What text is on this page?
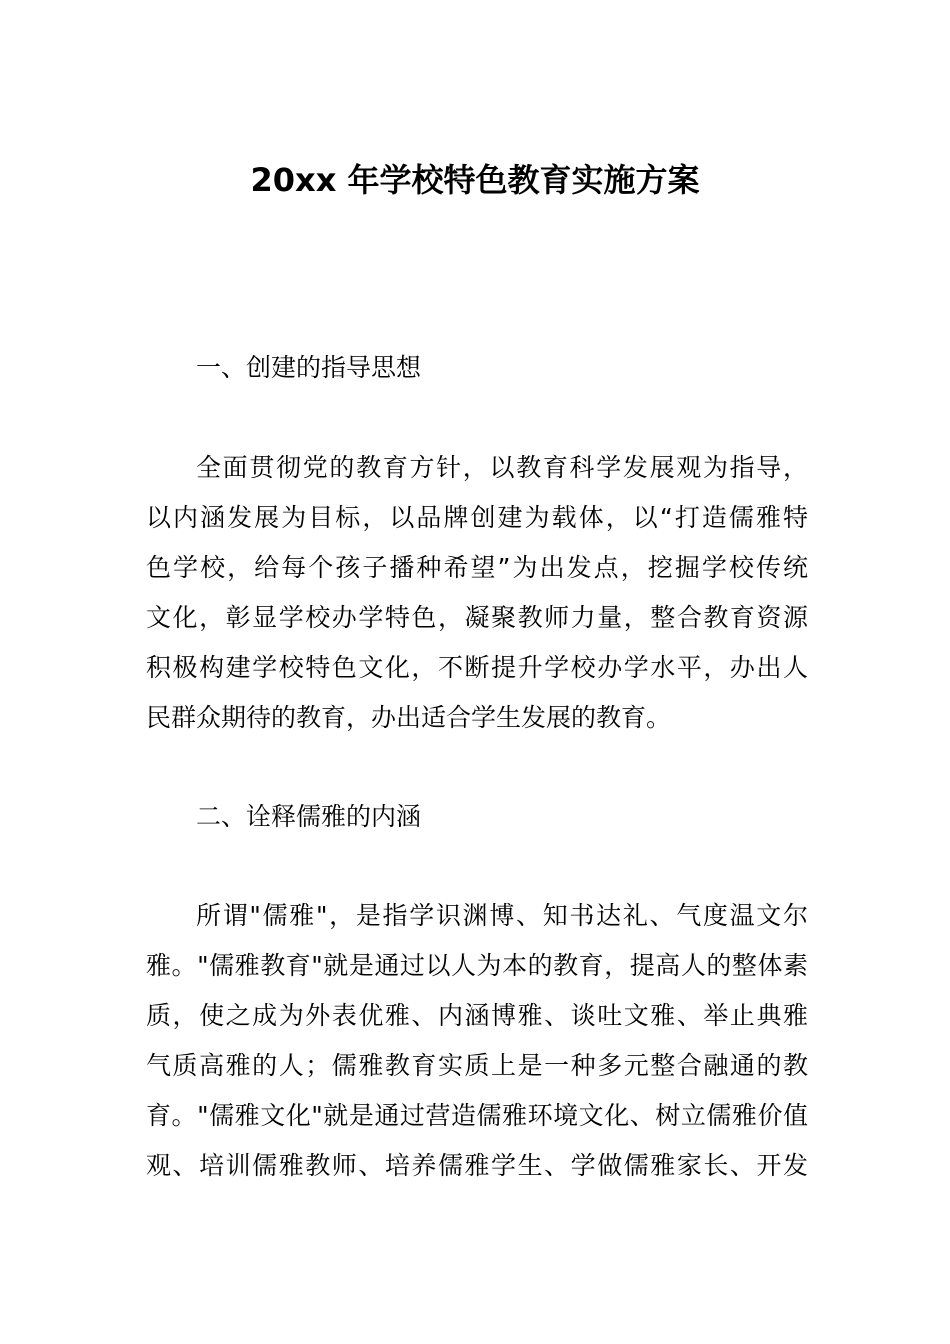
20xx 年学校特色教育实施方案
一、创建的指导思想
全面贯彻党的教育方针，以教育科学发展观为指导，
以内涵发展为目标，以品牌创建为载体，以“打造儒雅特
色学校，给每个孩子播种希望”为出发点，挖掘学校传统
文化，彰显学校办学特色，凝聚教师力量，整合教育资源
积极构建学校特色文化，不断提升学校办学水平，办出人
民群众期待的教育，办出适合学生发展的教育。
二、诠释儒雅的内涵
所谓"儒雅"，是指学识渊博、知书达礼、气度温文尔
雅。"儒雅教育"就是通过以人为本的教育，提高人的整体素
质，使之成为外表优雅、内涵博雅、谈吐文雅、举止典雅
气质高雅的人；儒雅教育实质上是一种多元整合融通的教
育。"儒雅文化"就是通过营造儒雅环境文化、树立儒雅价值
观、培训儒雅教师、培养儒雅学生、学做儒雅家长、开发
